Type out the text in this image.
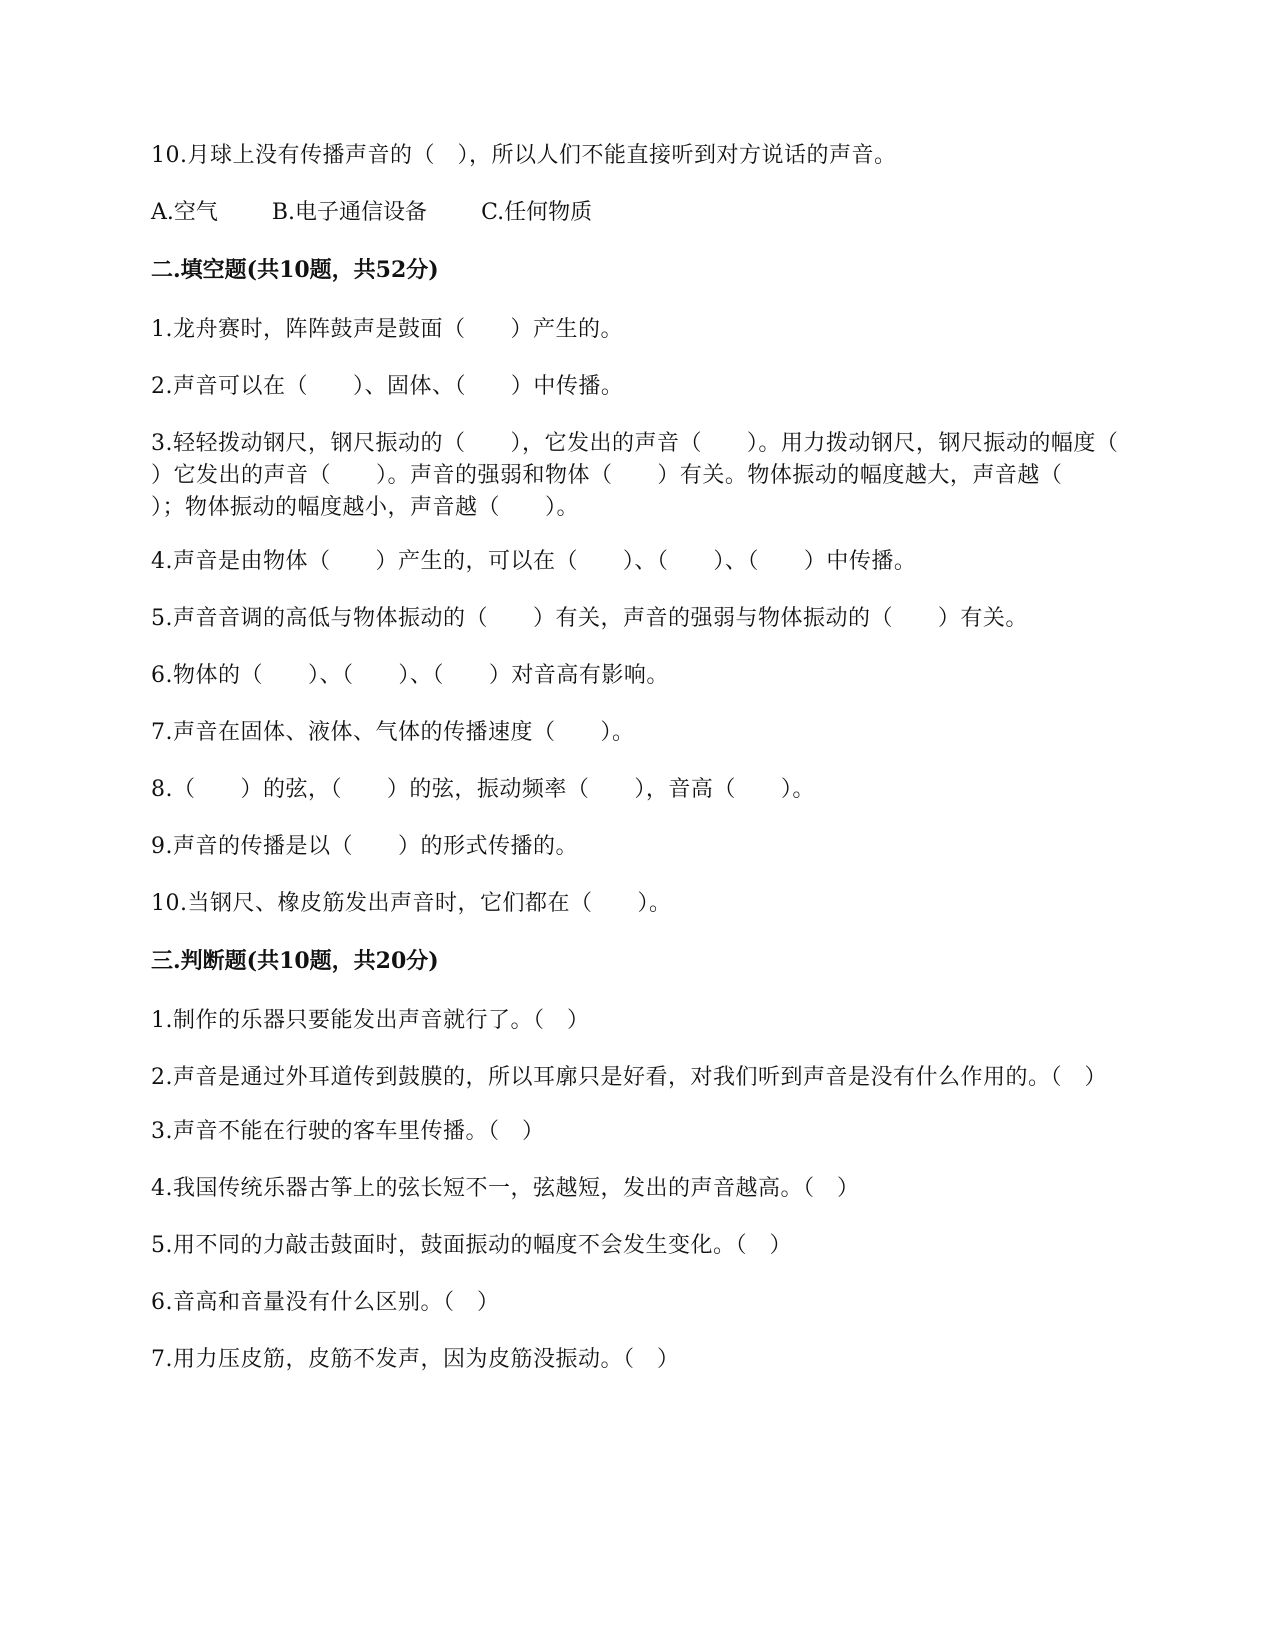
10.月球上没有传播声音的（   ），所以人们不能直接听到对方说话的声音。
A.空气 B.电子通信设备 C.任何物质
二.填空题(共10题，共52分)
1.龙舟赛时，阵阵鼓声是鼓面（      ）产生的。
2.声音可以在（      ）、固体、（      ）中传播。
3.轻轻拨动钢尺，钢尺振动的（      ），它发出的声音（      ）。用力拨动钢尺，钢尺振动的幅度（      ）它发出的声音（      ）。声音的强弱和物体（      ）有关。物体振动的幅度越大，声音越（      ）；物体振动的幅度越小，声音越（      ）。
4.声音是由物体（      ）产生的，可以在（      ）、（      ）、（      ）中传播。
5.声音音调的高低与物体振动的（      ）有关，声音的强弱与物体振动的（      ）有关。
6.物体的（      ）、（      ）、（      ）对音高有影响。
7.声音在固体、液体、气体的传播速度（      ）。
8.（      ）的弦，（      ）的弦，振动频率（      ），音高（      ）。
9.声音的传播是以（      ）的形式传播的。
10.当钢尺、橡皮筋发出声音时，它们都在（      ）。
三.判断题(共10题，共20分)
1.制作的乐器只要能发出声音就行了。（   ）
2.声音是通过外耳道传到鼓膜的，所以耳廓只是好看，对我们听到声音是没有什么作用的。（   ）
3.声音不能在行驶的客车里传播。（   ）
4.我国传统乐器古筝上的弦长短不一，弦越短，发出的声音越高。（   ）
5.用不同的力敲击鼓面时，鼓面振动的幅度不会发生变化。（   ）
6.音高和音量没有什么区别。（   ）
7.用力压皮筋，皮筋不发声，因为皮筋没振动。（   ）
